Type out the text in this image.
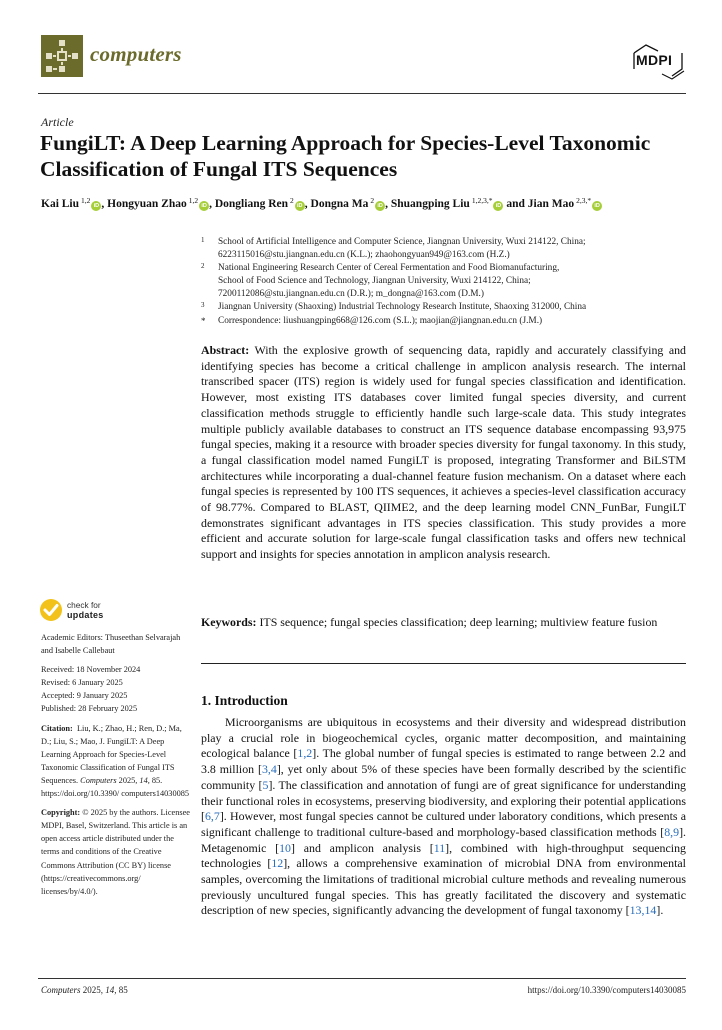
computers	MDPI
Article
FungiLT: A Deep Learning Approach for Species-Level Taxonomic Classification of Fungal ITS Sequences
Kai Liu $^{1,2}$iD , Hongyuan Zhao $^{1,2}$iD , Dongliang Ren $^2$iD , Dongna Ma $^2$iD , Shuangping Liu $^{1,2,3,*}$iD and Jian Mao $^{2,3,*}$iD
1 School of Artificial Intelligence and Computer Science, Jiangnan University, Wuxi 214122, China;
6223115016@stu.jiangnan.edu.cn (K.L.); zhaohongyuan949@163.com (H.Z.)
2 National Engineering Research Center of Cereal Fermentation and Food Biomanufacturing,
School of Food Science and Technology, Jiangnan University, Wuxi 214122, China;
7200112086@stu.jiangnan.edu.cn (D.R.); m_dongna@163.com (D.M.)
3 Jiangnan University (Shaoxing) Industrial Technology Research Institute, Shaoxing 312000, China
* Correspondence: liushuangping668@126.com (S.L.); maojian@jiangnan.edu.cn (J.M.)
Abstract: With the explosive growth of sequencing data, rapidly and accurately classifying and identifying species has become a critical challenge in amplicon analysis research. The internal transcribed spacer (ITS) region is widely used for fungal species classification and identification. However, most existing ITS databases cover limited fungal species diversity, and current classification methods struggle to efficiently handle such large-scale data. This study integrates multiple publicly available databases to construct an ITS sequence database encompassing 93,975 fungal species, making it a resource with broader species diversity for fungal taxonomy. In this study, a fungal classification model named FungiLT is proposed, integrating Transformer and BiLSTM architectures while incorporating a dual-channel feature fusion mechanism. On a dataset where each fungal species is represented by 100 ITS sequences, it achieves a species-level classification accuracy of 98.77%. Compared to BLAST, QIIME2, and the deep learning model CNN_FunBar, FungiLT demonstrates significant advantages in ITS species classification. This study provides a more efficient and accurate solution for large-scale fungal classification tasks and offers new technical support and insights for species annotation in amplicon analysis research.
Keywords: ITS sequence; fungal species classification; deep learning; multiview feature fusion
check for
updates
Academic Editors: Thuseethan Selvarajah and Isabelle Callebaut
Received: 18 November 2024
Revised: 6 January 2025
Accepted: 9 January 2025
Published: 28 February 2025
Citation: Liu, K.; Zhao, H.; Ren, D.; Ma, D.; Liu, S.; Mao, J. FungiLT: A Deep Learning Approach for Species-Level Taxonomic Classification of Fungal ITS Sequences. Computers 2025, 14, 85. https://doi.org/10.3390/ computers14030085
Copyright: © 2025 by the authors. Licensee MDPI, Basel, Switzerland. This article is an open access article distributed under the terms and conditions of the Creative Commons Attribution (CC BY) license (https://creativecommons.org/ licenses/by/4.0/).
1. Introduction
Microorganisms are ubiquitous in ecosystems and their diversity and widespread distribution play a crucial role in biogeochemical cycles, organic matter decomposition, and maintaining ecological balance [1,2]. The global number of fungal species is estimated to range between 2.2 and 3.8 million [3,4], yet only about 5% of these species have been formally described by the scientific community [5]. The classification and annotation of fungi are of great significance for understanding their functional roles in ecosystems, preserving biodiversity, and exploring their potential applications [6,7]. However, most fungal species cannot be cultured under laboratory conditions, which presents a significant challenge to traditional culture-based and morphology-based classification methods [8,9]. Metagenomic [10] and amplicon analysis [11], combined with high-throughput sequencing technologies [12], allows a comprehensive examination of microbial DNA from environmental samples, overcoming the limitations of traditional microbial culture methods and revealing numerous previously uncultured fungal species. This has greatly facilitated the discovery and systematic description of new species, significantly advancing the development of fungal taxonomy [13,14].
Computers 2025, 14, 85	https://doi.org/10.3390/computers14030085
